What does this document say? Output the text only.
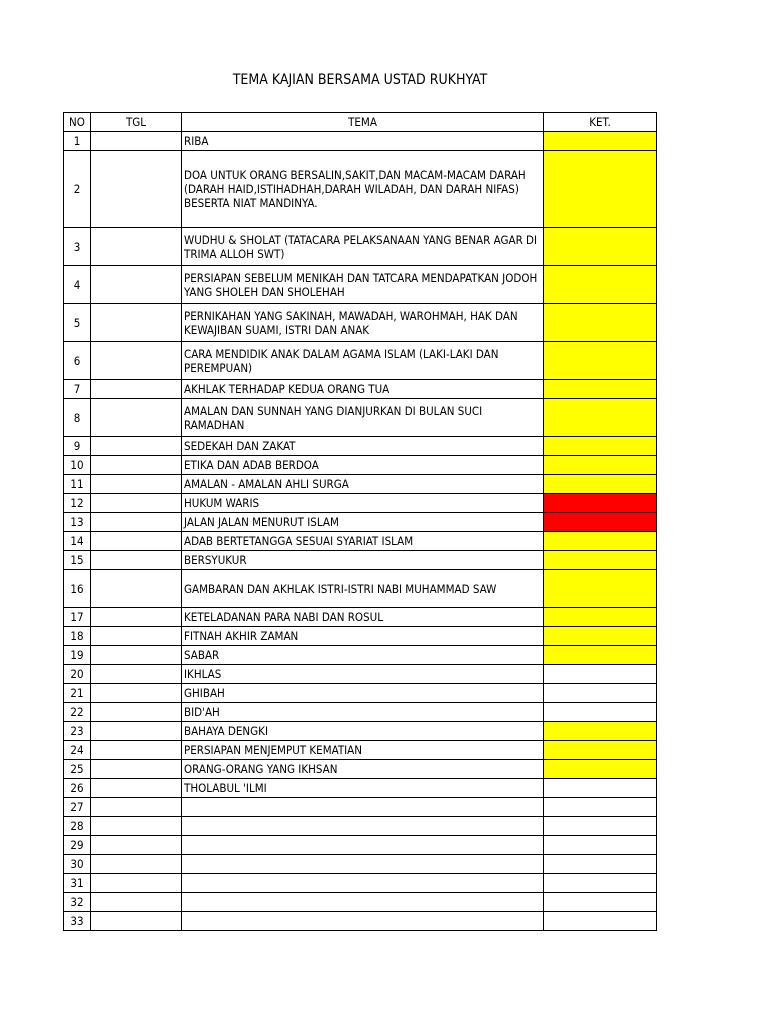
TEMA KAJIAN BERSAMA USTAD RUKHYAT
NO	TGL	TEMA	KET.
1		RIBA	
2		DOA UNTUK ORANG BERSALIN,SAKIT,DAN MACAM-MACAM DARAH (DARAH HAID,ISTIHADHAH,DARAH WILADAH, DAN DARAH NIFAS) BESERTA NIAT MANDINYA.	
3		WUDHU & SHOLAT (TATACARA PELAKSANAAN YANG BENAR AGAR DI TRIMA ALLOH SWT)	
4		PERSIAPAN SEBELUM MENIKAH DAN TATCARA MENDAPATKAN JODOH YANG SHOLEH DAN SHOLEHAH	
5		PERNIKAHAN YANG SAKINAH, MAWADAH, WAROHMAH, HAK DAN KEWAJIBAN SUAMI, ISTRI DAN ANAK	
6		CARA MENDIDIK ANAK DALAM AGAMA ISLAM (LAKI-LAKI DAN PEREMPUAN)	
7		AKHLAK TERHADAP KEDUA ORANG TUA	
8		AMALAN DAN SUNNAH YANG DIANJURKAN DI BULAN SUCI RAMADHAN	
9		SEDEKAH DAN ZAKAT	
10		ETIKA DAN ADAB BERDOA	
11		AMALAN - AMALAN AHLI SURGA	
12		HUKUM WARIS	
13		JALAN JALAN MENURUT ISLAM	
14		ADAB BERTETANGGA SESUAI SYARIAT ISLAM	
15		BERSYUKUR	
16		GAMBARAN DAN AKHLAK ISTRI-ISTRI NABI MUHAMMAD SAW	
17		KETELADANAN PARA NABI DAN ROSUL	
18		FITNAH AKHIR ZAMAN	
19		SABAR	
20		IKHLAS	
21		GHIBAH	
22		BID'AH	
23		BAHAYA DENGKI	
24		PERSIAPAN MENJEMPUT KEMATIAN	
25		ORANG-ORANG YANG IKHSAN	
26		THOLABUL 'ILMI	
27			
28			
29			
30			
31			
32			
33			
